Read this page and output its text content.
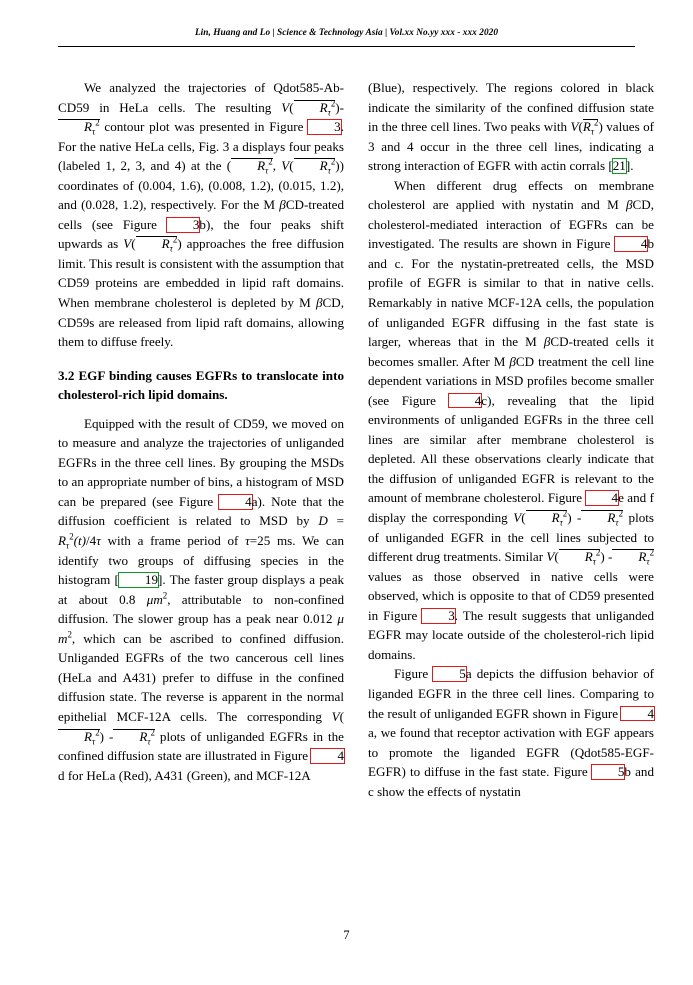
Lin, Huang and Lo | Science & Technology Asia | Vol.xx No.yy xxx - xxx 2020

We analyzed the trajectories of Qdot585-Ab-CD59 in HeLa cells. The resulting V( $R_\tau^2)-R_\tau^2$ contour plot was presented in Figure 3. For the native HeLa cells, Fig. 3 a displays four peaks (labeled 1, 2, 3, and 4) at the ( $R_\tau^2$, V( $R_\tau^2$)) coordinates of (0.004, 1.6), (0.008, 1.2), (0.015, 1.2), and (0.028, 1.2), respectively. For the M βCD-treated cells (see Figure 3b), the four peaks shift upwards as V( $R_\tau^2$) approaches the free diffusion limit. This result is consistent with the assumption that CD59 proteins are embedded in lipid raft domains. When membrane cholesterol is depleted by M βCD, CD59s are released from lipid raft domains, allowing them to diffuse freely.

3.2 EGF binding causes EGFRs to translocate into cholesterol-rich lipid domains.

Equipped with the result of CD59, we moved on to measure and analyze the trajectories of unliganded EGFRs in the three cell lines. By grouping the MSDs to an appropriate number of bins, a histogram of MSD can be prepared (see Figure 4a). Note that the diffusion coefficient is related to MSD by $D = R_\tau^2(t)/4\tau$ with a frame period of τ=25 ms. We can identify two groups of diffusing species in the histogram [ 19]. The faster group displays a peak at about 0.8 $\mu m^2$, attributable to non-confined diffusion. The slower group has a peak near 0.012 μ $m^2$, which can be ascribed to confined diffusion. Unliganded EGFRs of the two cancerous cell lines (HeLa and A431) prefer to diffuse in the confined diffusion state. The reverse is apparent in the normal epithelial MCF-12A cells. The corresponding $V(R_\tau^2) - R_\tau^2$ plots of unliganded EGFRs in the confined diffusion state are illustrated in Figure 4d for HeLa (Red), A431 (Green), and MCF-12A

(Blue), respectively. The regions colored in black indicate the similarity of the confined diffusion state in the three cell lines. Two peaks with $V(R_\tau^2)$ values of 3 and 4 occur in the three cell lines, indicating a strong interaction of EGFR with actin corrals [21].

When different drug effects on membrane cholesterol are applied with nystatin and M βCD, cholesterol-mediated interaction of EGFRs can be investigated. The results are shown in Figure 4b and c. For the nystatin-pretreated cells, the MSD profile of EGFR is similar to that in native cells. Remarkably in native MCF-12A cells, the population of unliganded EGFR diffusing in the fast state is larger, whereas that in the M βCD-treated cells it becomes smaller. After M βCD treatment the cell line dependent variations in MSD profiles become smaller (see Figure 4c), revealing that the lipid environments of unliganded EGFRs in the three cell lines are similar after membrane cholesterol is depleted. All these observations clearly indicate that the diffusion of unliganded EGFR is relevant to the amount of membrane cholesterol. Figure 4e and f display the corresponding V( $R_\tau^2) - R_\tau^2$ plots of unliganded EGFR in the cell lines subjected to different drug treatments. Similar V( $R_\tau^2) - R_\tau^2$ values as those observed in native cells were observed, which is opposite to that of CD59 presented in Figure 3. The result suggests that unliganded EGFR may locate outside of the cholesterol-rich lipid domains.

Figure 5a depicts the diffusion behavior of liganded EGFR in the three cell lines. Comparing to the result of unliganded EGFR shown in Figure 4a, we found that receptor activation with EGF appears to promote the liganded EGFR (Qdot585-EGF-EGFR) to diffuse in the fast state. Figure 5b and c show the effects of nystatin

7
